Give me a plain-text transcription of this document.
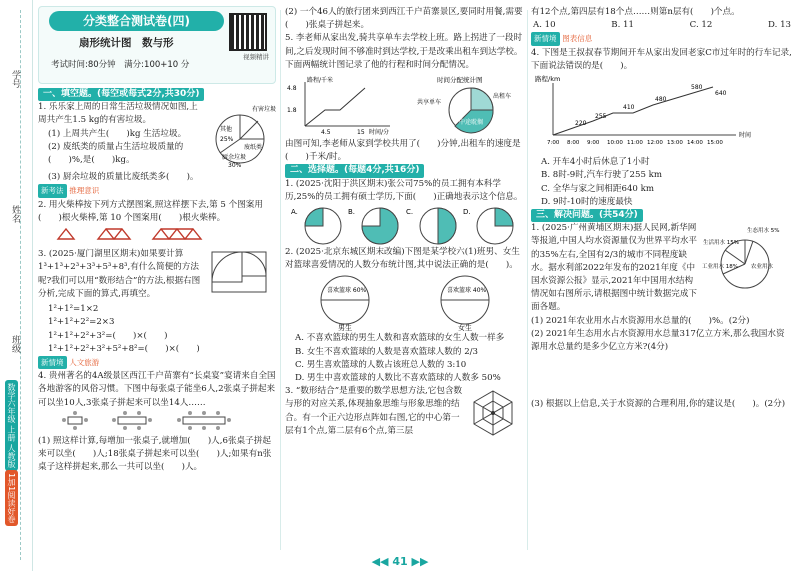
学号
姓名
班级
数学六年级 上册 人教版
1加1阅读好卷
分类整合测试卷(四)
扇形统计图　数与形
考试时间:80分钟　满分:100+10 分
视频精讲

一、填空题。(每空或每式2分,共30分)

1. 乐乐家上周的日常生活垃圾情况如图,上周共产生1.5 kg的有害垃圾。

(1) 上周共产生(　　)kg 生活垃圾。

(2) 废纸类的质量占生活垃圾质量的(　　)%,是(　　)kg。

其他
25%
有害垃圾
废纸类
厨余垃圾
30%

(3) 厨余垃圾的质量比废纸类多(　　)。

新考法 推理意识

2. 用火柴棒按下列方式摆图案,照这样摆下去,第 5 个图案用(　　)根火柴棒,第 10 个图案用(　　)根火柴棒。

3. (2025·厦门湖里区期末)如果要计算 1³+1³+2³+3³+5³+8³,有什么简便的方法呢?我们可以用“数形结合”的方法,根据右图分析,完成下面的算式,再填空。

1²+1²=1×2

1²+1²+2²=2×3

1²+1²+2²+3²=(　　)×(　　)

1²+1²+2²+3²+5²+8²=(　　)×(　　)

新情境 人文旅游

4. 贵州著名的4A级景区西江千户苗寨有“长桌宴”宴请来自全国各地游客的风俗习惯。下图中每张桌子能坐6人,2张桌子拼起来可以坐10人,3张桌子拼起来可以坐14人……

(1) 照这样计算,每增加一张桌子,就增加(　　)人,6张桌子拼起来可以坐(　　)人;18张桌子拼起来可以坐(　　)人;如果有n张桌子这样拼起来,那么一共可以坐(　　)人。

(2) 一个46人的旅行团来到西江千户苗寨景区,要同时用餐,需要(　　)张桌子拼起来。

5. 李老师从家出发,骑共享单车去学校上班。路上拐进了一段时间,之后发现时间不够准时到达学校,于是改乘出租车到达学校。下面两幅统计图记录了他的行程和时间分配情况。

路程/千米
4.8
1.8
4.5	15 时间/分
时间分配统计图
共享单车
出租车
中途耽搁

由图可知,李老师从家到学校共用了(　　)分钟,出租车的速度是(　　)千米/时。

二、选择题。(每题4分,共16分)

1. (2025·沈阳于洪区期末)张公司75%的员工拥有本科学历,25%的员工拥有硕士学历,下面(　　)正确地表示这个信息。

A.	B.	C.	D.

2. (2025·北京东城区期末改编)下图是某学校六(1)班男、女生对篮球喜爱情况的人数分布统计图,其中说法正确的是(　　)。

喜欢篮球 60%
男生
喜欢篮球 40%
女生

A. 不喜欢篮球的男生人数和喜欢篮球的女生人数一样多

B. 女生不喜欢篮球的人数是喜欢篮球人数的 2/3

C. 男生喜欢篮球的人数占该班总人数的 3:10

D. 男生中喜欢篮球的人数比不喜欢篮球的人数多 50%

3. “数形结合”是重要的数学思想方法,它包含数与形的对应关系,体现抽象思维与形象思维的结合。有一个正六边形点阵如右图,它的中心第一层有1个点,第二层有6个点,第三层

有12个点,第四层有18个点……则第n层有(　　)个点。

A. 10	B. 11	C. 12	D. 13

新情境 图表信息

4. 下图是王叔叔春节期间开车从家出发回老家C市过年时的行车记录,下面说法错误的是(　　)。

路程/km
220
255
410
480
580
640
7:00 8:00 9:00 10:00 11:00 12:00 13:00 14:00 15:00
时间

A. 开车4小时后休息了1小时

B. 8时-9时,汽车行驶了255 km

C. 全华与家之间相距640 km

D. 9时-10时的速度最快

三、解决问题。(共54分)

1. (2025·广州黄埔区期末)据人民网,新华网等报道,中国人均水资源量仅为世界平均水平的35%左右,全国有2/3的城市不同程度缺水。据水利部2022年发布的2021年度《中国水资源公报》显示,2021年中国用水结构情况如右图所示,请根据图中统计数据完成下面各题。

生态用水 5%
生活用水 15%
工业用水 18% 农业用水

(1) 2021年农业用水占水资源用水总量的(　　)%。(2分)

(2) 2021年生态用水占水资源用水总量317亿立方米,那么我国水资源用水总量约是多少亿立方米?(4分)

(3) 根据以上信息,关于水资源的合理利用,你的建议是(　　)。(2分)

◀◀ 41 ▶▶
